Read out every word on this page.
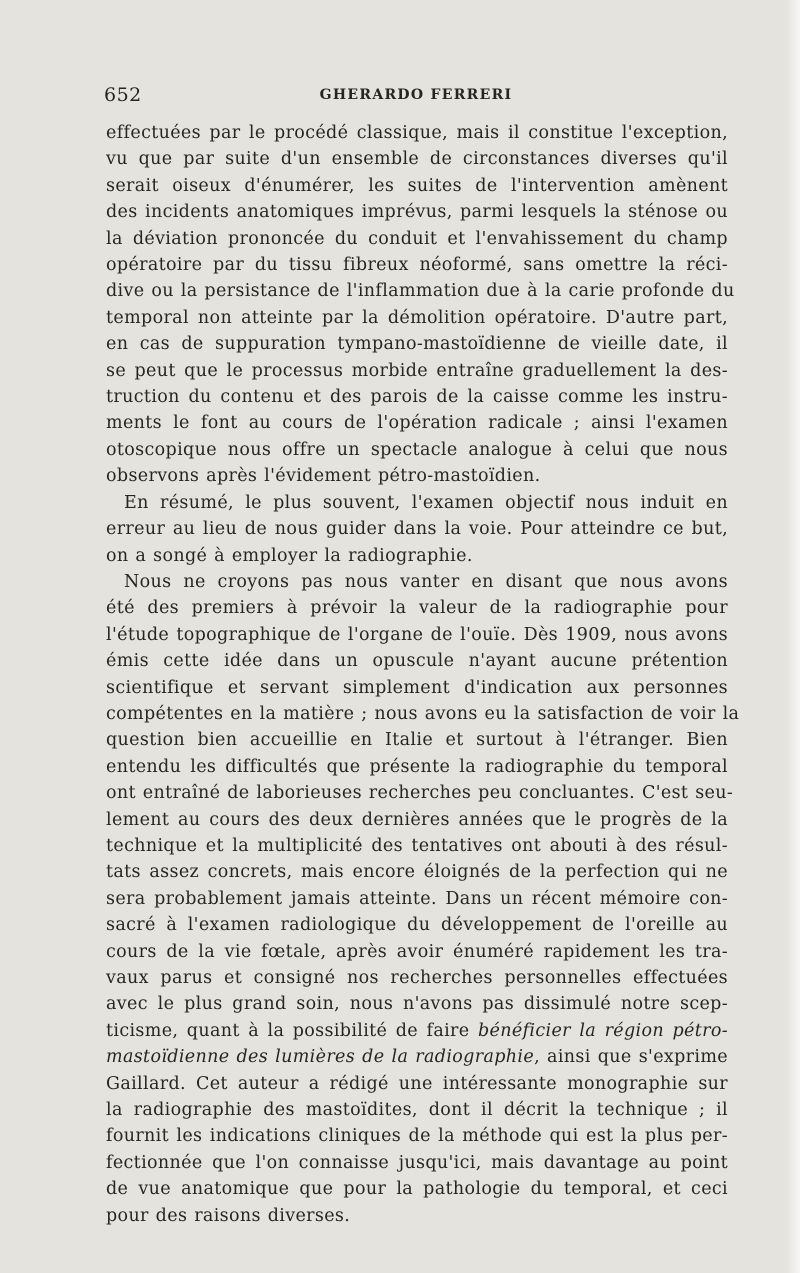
652	GHERARDO FERRERI

effectuées par le procédé classique, mais il constitue l'exception,
vu que par suite d'un ensemble de circonstances diverses qu'il
serait oiseux d'énumérer, les suites de l'intervention amènent
des incidents anatomiques imprévus, parmi lesquels la sténose ou
la déviation prononcée du conduit et l'envahissement du champ
opératoire par du tissu fibreux néoformé, sans omettre la réci-
dive ou la persistance de l'inflammation due à la carie profonde du
temporal non atteinte par la démolition opératoire. D'autre part,
en cas de suppuration tympano-mastoïdienne de vieille date, il
se peut que le processus morbide entraîne graduellement la des-
truction du contenu et des parois de la caisse comme les instru-
ments le font au cours de l'opération radicale ; ainsi l'examen
otoscopique nous offre un spectacle analogue à celui que nous
observons après l'évidement pétro-mastoïdien.

En résumé, le plus souvent, l'examen objectif nous induit en
erreur au lieu de nous guider dans la voie. Pour atteindre ce but,
on a songé à employer la radiographie.

Nous ne croyons pas nous vanter en disant que nous avons
été des premiers à prévoir la valeur de la radiographie pour
l'étude topographique de l'organe de l'ouïe. Dès 1909, nous avons
émis cette idée dans un opuscule n'ayant aucune prétention
scientifique et servant simplement d'indication aux personnes
compétentes en la matière ; nous avons eu la satisfaction de voir la
question bien accueillie en Italie et surtout à l'étranger. Bien
entendu les difficultés que présente la radiographie du temporal
ont entraîné de laborieuses recherches peu concluantes. C'est seu-
lement au cours des deux dernières années que le progrès de la
technique et la multiplicité des tentatives ont abouti à des résul-
tats assez concrets, mais encore éloignés de la perfection qui ne
sera probablement jamais atteinte. Dans un récent mémoire con-
sacré à l'examen radiologique du développement de l'oreille au
cours de la vie fœtale, après avoir énuméré rapidement les tra-
vaux parus et consigné nos recherches personnelles effectuées
avec le plus grand soin, nous n'avons pas dissimulé notre scep-
ticisme, quant à la possibilité de faire bénéficier la région pétro-
mastoïdienne des lumières de la radiographie, ainsi que s'exprime
Gaillard. Cet auteur a rédigé une intéressante monographie sur
la radiographie des mastoïdites, dont il décrit la technique ; il
fournit les indications cliniques de la méthode qui est la plus per-
fectionnée que l'on connaisse jusqu'ici, mais davantage au point
de vue anatomique que pour la pathologie du temporal, et ceci
pour des raisons diverses.
